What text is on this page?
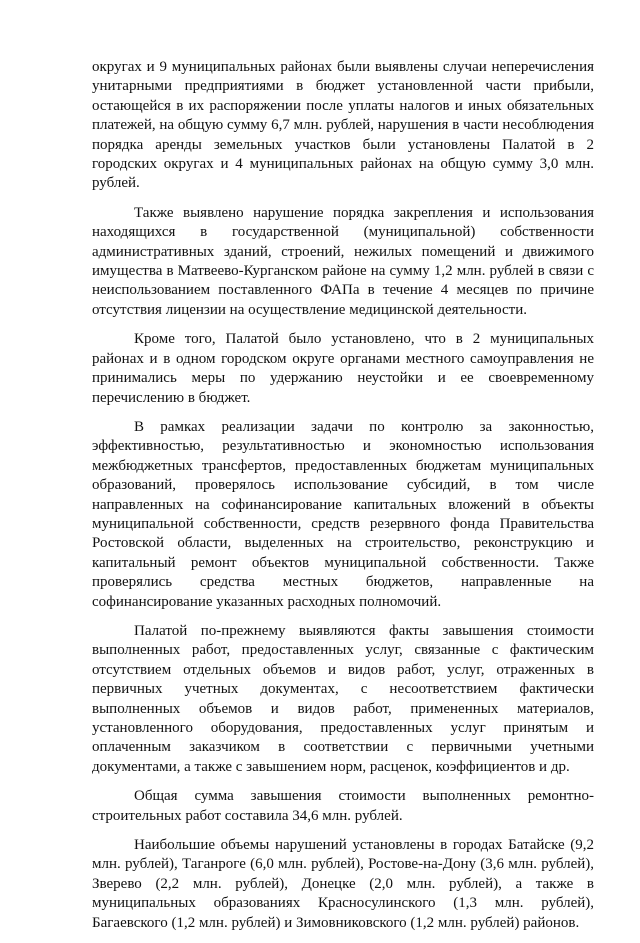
округах и 9 муниципальных районах были выявлены случаи неперечисления унитарными предприятиями в бюджет установленной части прибыли, остающейся в их распоряжении после уплаты налогов и иных обязательных платежей, на общую сумму 6,7 млн. рублей, нарушения в части несоблюдения порядка аренды земельных участков были установлены Палатой в 2 городских округах и 4 муниципальных районах на общую сумму 3,0 млн. рублей.

Также выявлено нарушение порядка закрепления и использования находящихся в государственной (муниципальной) собственности административных зданий, строений, нежилых помещений и движимого имущества в Матвеево-Курганском районе на сумму 1,2 млн. рублей в связи с неиспользованием поставленного ФАПа в течение 4 месяцев по причине отсутствия лицензии на осуществление медицинской деятельности.

Кроме того, Палатой было установлено, что в 2 муниципальных районах и в одном городском округе органами местного самоуправления не принимались меры по удержанию неустойки и ее своевременному перечислению в бюджет.

В рамках реализации задачи по контролю за законностью, эффективностью, результативностью и экономностью использования межбюджетных трансфертов, предоставленных бюджетам муниципальных образований, проверялось использование субсидий, в том числе направленных на софинансирование капитальных вложений в объекты муниципальной собственности, средств резервного фонда Правительства Ростовской области, выделенных на строительство, реконструкцию и капитальный ремонт объектов муниципальной собственности. Также проверялись средства местных бюджетов, направленные на софинансирование указанных расходных полномочий.

Палатой по-прежнему выявляются факты завышения стоимости выполненных работ, предоставленных услуг, связанные с фактическим отсутствием отдельных объемов и видов работ, услуг, отраженных в первичных учетных документах, с несоответствием фактически выполненных объемов и видов работ, примененных материалов, установленного оборудования, предоставленных услуг принятым и оплаченным заказчиком в соответствии с первичными учетными документами, а также с завышением норм, расценок, коэффициентов и др.

Общая сумма завышения стоимости выполненных ремонтно-строительных работ составила 34,6 млн. рублей.

Наибольшие объемы нарушений установлены в городах Батайске (9,2 млн. рублей), Таганроге (6,0 млн. рублей), Ростове-на-Дону (3,6 млн. рублей), Зверево (2,2 млн. рублей), Донецке (2,0 млн. рублей), а также в муниципальных образованиях Красносулинского (1,3 млн. рублей), Багаевского (1,2 млн. рублей) и Зимовниковского (1,2 млн. рублей) районов.
